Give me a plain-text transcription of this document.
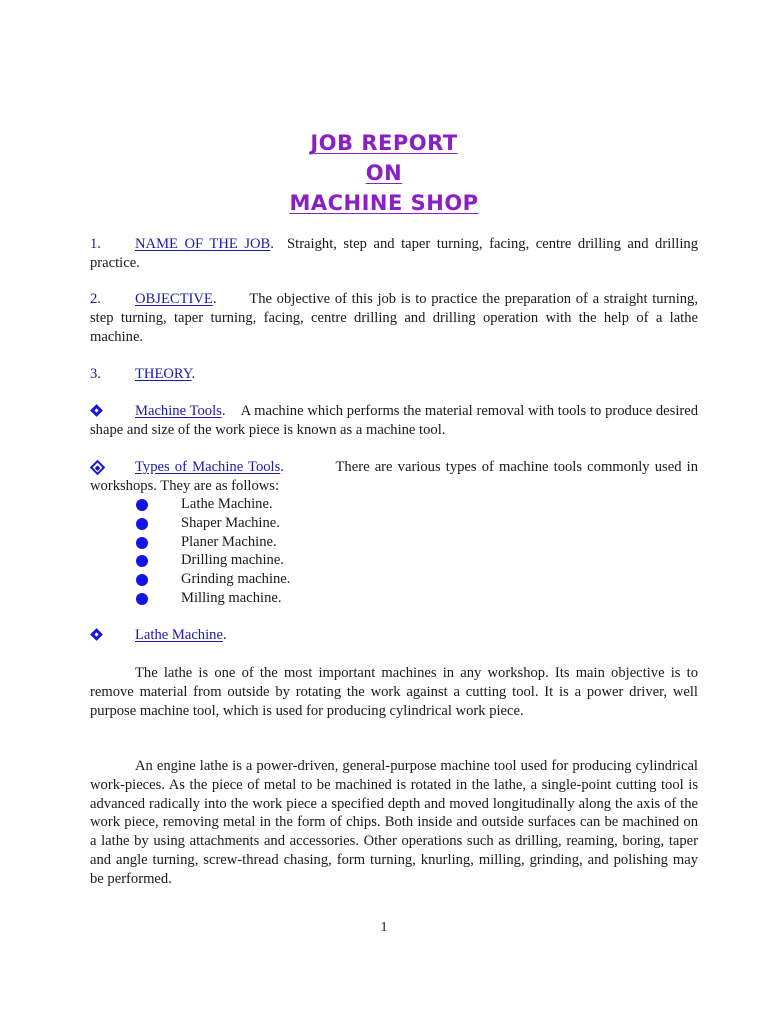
JOB REPORT
ON
MACHINE SHOP
1. NAME OF THE JOB. Straight, step and taper turning, facing, centre drilling and drilling practice.
2. OBJECTIVE. The objective of this job is to practice the preparation of a straight turning, step turning, taper turning, facing, centre drilling and drilling operation with the help of a lathe machine.
3. THEORY.
Machine Tools. A machine which performs the material removal with tools to produce desired shape and size of the work piece is known as a machine tool.
Types of Machine Tools.	There are various types of machine tools commonly used in workshops. They are as follows:
Lathe Machine.
Shaper Machine.
Planer Machine.
Drilling machine.
Grinding machine.
Milling machine.
Lathe Machine.
The lathe is one of the most important machines in any workshop. Its main objective is to remove material from outside by rotating the work against a cutting tool. It is a power driver, well purpose machine tool, which is used for producing cylindrical work piece.
An engine lathe is a power-driven, general-purpose machine tool used for producing cylindrical work-pieces. As the piece of metal to be machined is rotated in the lathe, a single-point cutting tool is advanced radically into the work piece a specified depth and moved longitudinally along the axis of the work piece, removing metal in the form of chips. Both inside and outside surfaces can be machined on a lathe by using attachments and accessories. Other operations such as drilling, reaming, boring, taper and angle turning, screw-thread chasing, form turning, knurling, milling, grinding, and polishing may be performed.
1
